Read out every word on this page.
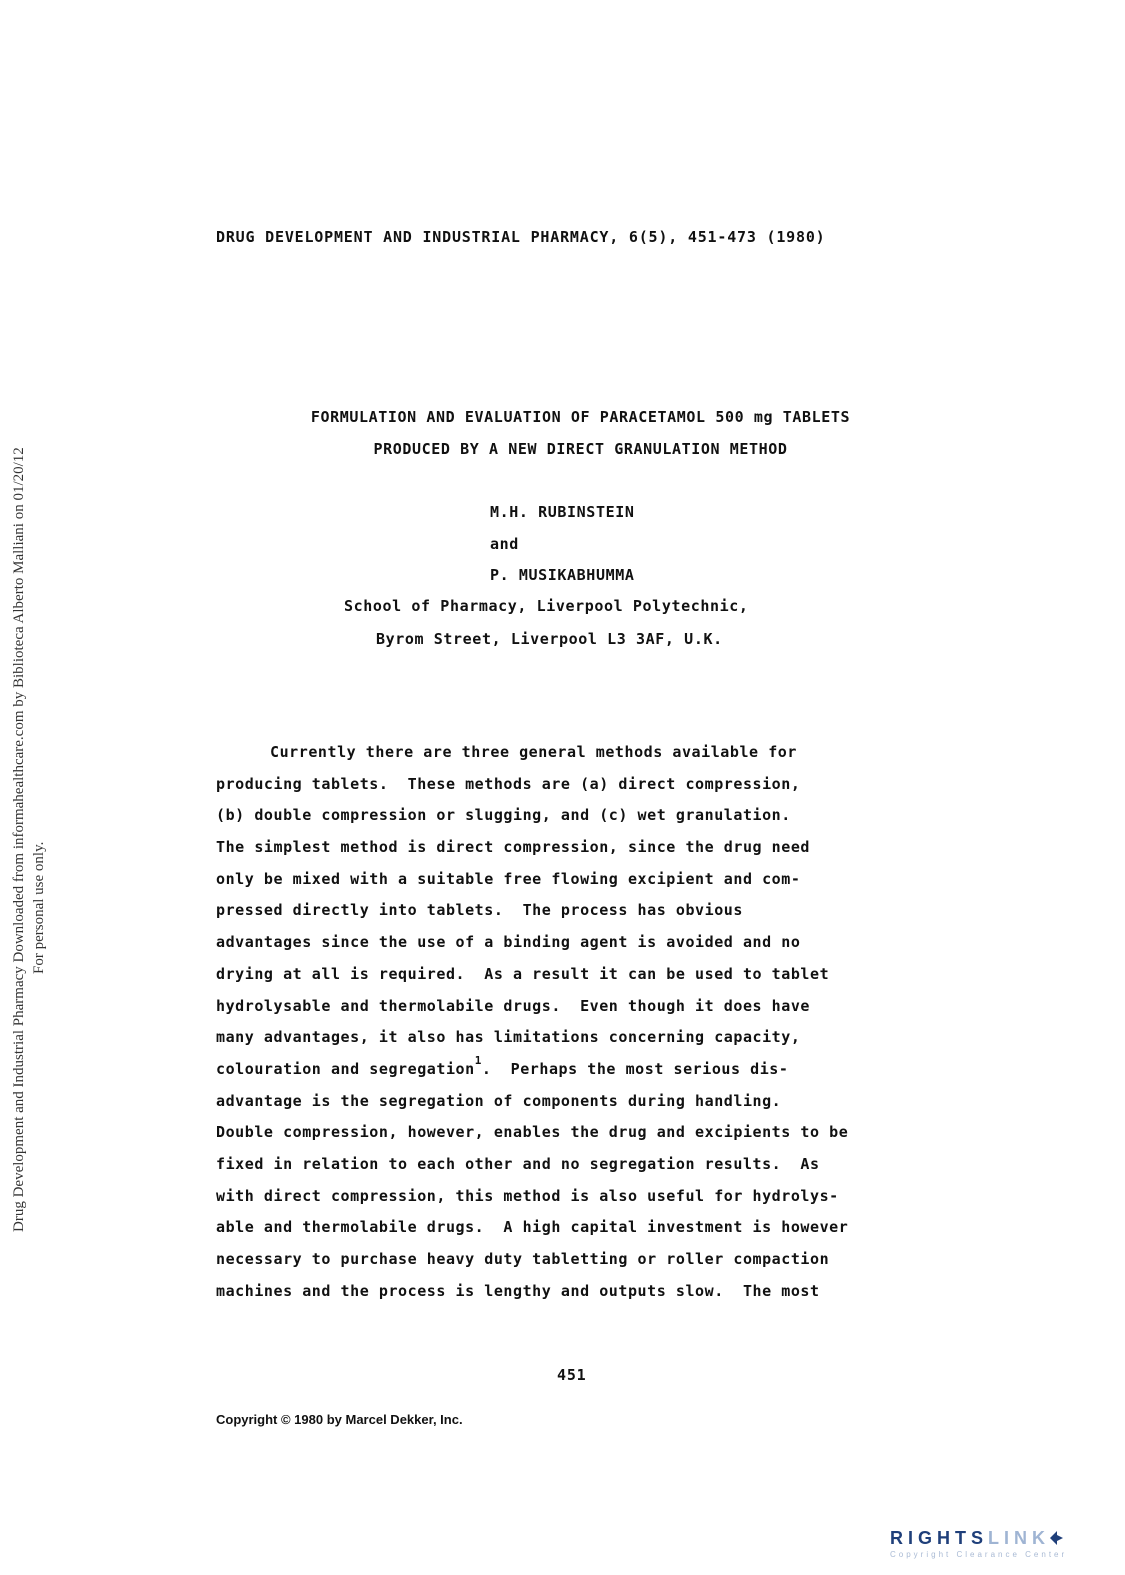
Drug Development and Industrial Pharmacy Downloaded from informahealthcare.com by Biblioteca Alberto Malliani on 01/20/12 For personal use only.
DRUG DEVELOPMENT AND INDUSTRIAL PHARMACY, 6(5), 451-473 (1980)
FORMULATION AND EVALUATION OF PARACETAMOL 500 mg TABLETS
PRODUCED BY A NEW DIRECT GRANULATION METHOD
M.H. RUBINSTEIN
and
P. MUSIKABHUMMA
School of Pharmacy, Liverpool Polytechnic,
Byrom Street, Liverpool L3 3AF, U.K.
Currently there are three general methods available for
producing tablets.  These methods are (a) direct compression,
(b) double compression or slugging, and (c) wet granulation.
The simplest method is direct compression, since the drug need
only be mixed with a suitable free flowing excipient and com-
pressed directly into tablets.  The process has obvious
advantages since the use of a binding agent is avoided and no
drying at all is required.  As a result it can be used to tablet
hydrolysable and thermolabile drugs.  Even though it does have
many advantages, it also has limitations concerning capacity,
colouration and segregation$^1$.  Perhaps the most serious dis-
advantage is the segregation of components during handling.
Double compression, however, enables the drug and excipients to be
fixed in relation to each other and no segregation results.  As
with direct compression, this method is also useful for hydrolys-
able and thermolabile drugs.  A high capital investment is however
necessary to purchase heavy duty tabletting or roller compaction
machines and the process is lengthy and outputs slow.  The most
451
Copyright © 1980 by Marcel Dekker, Inc.
RIGHTSLINK
Copyright Clearance Center
